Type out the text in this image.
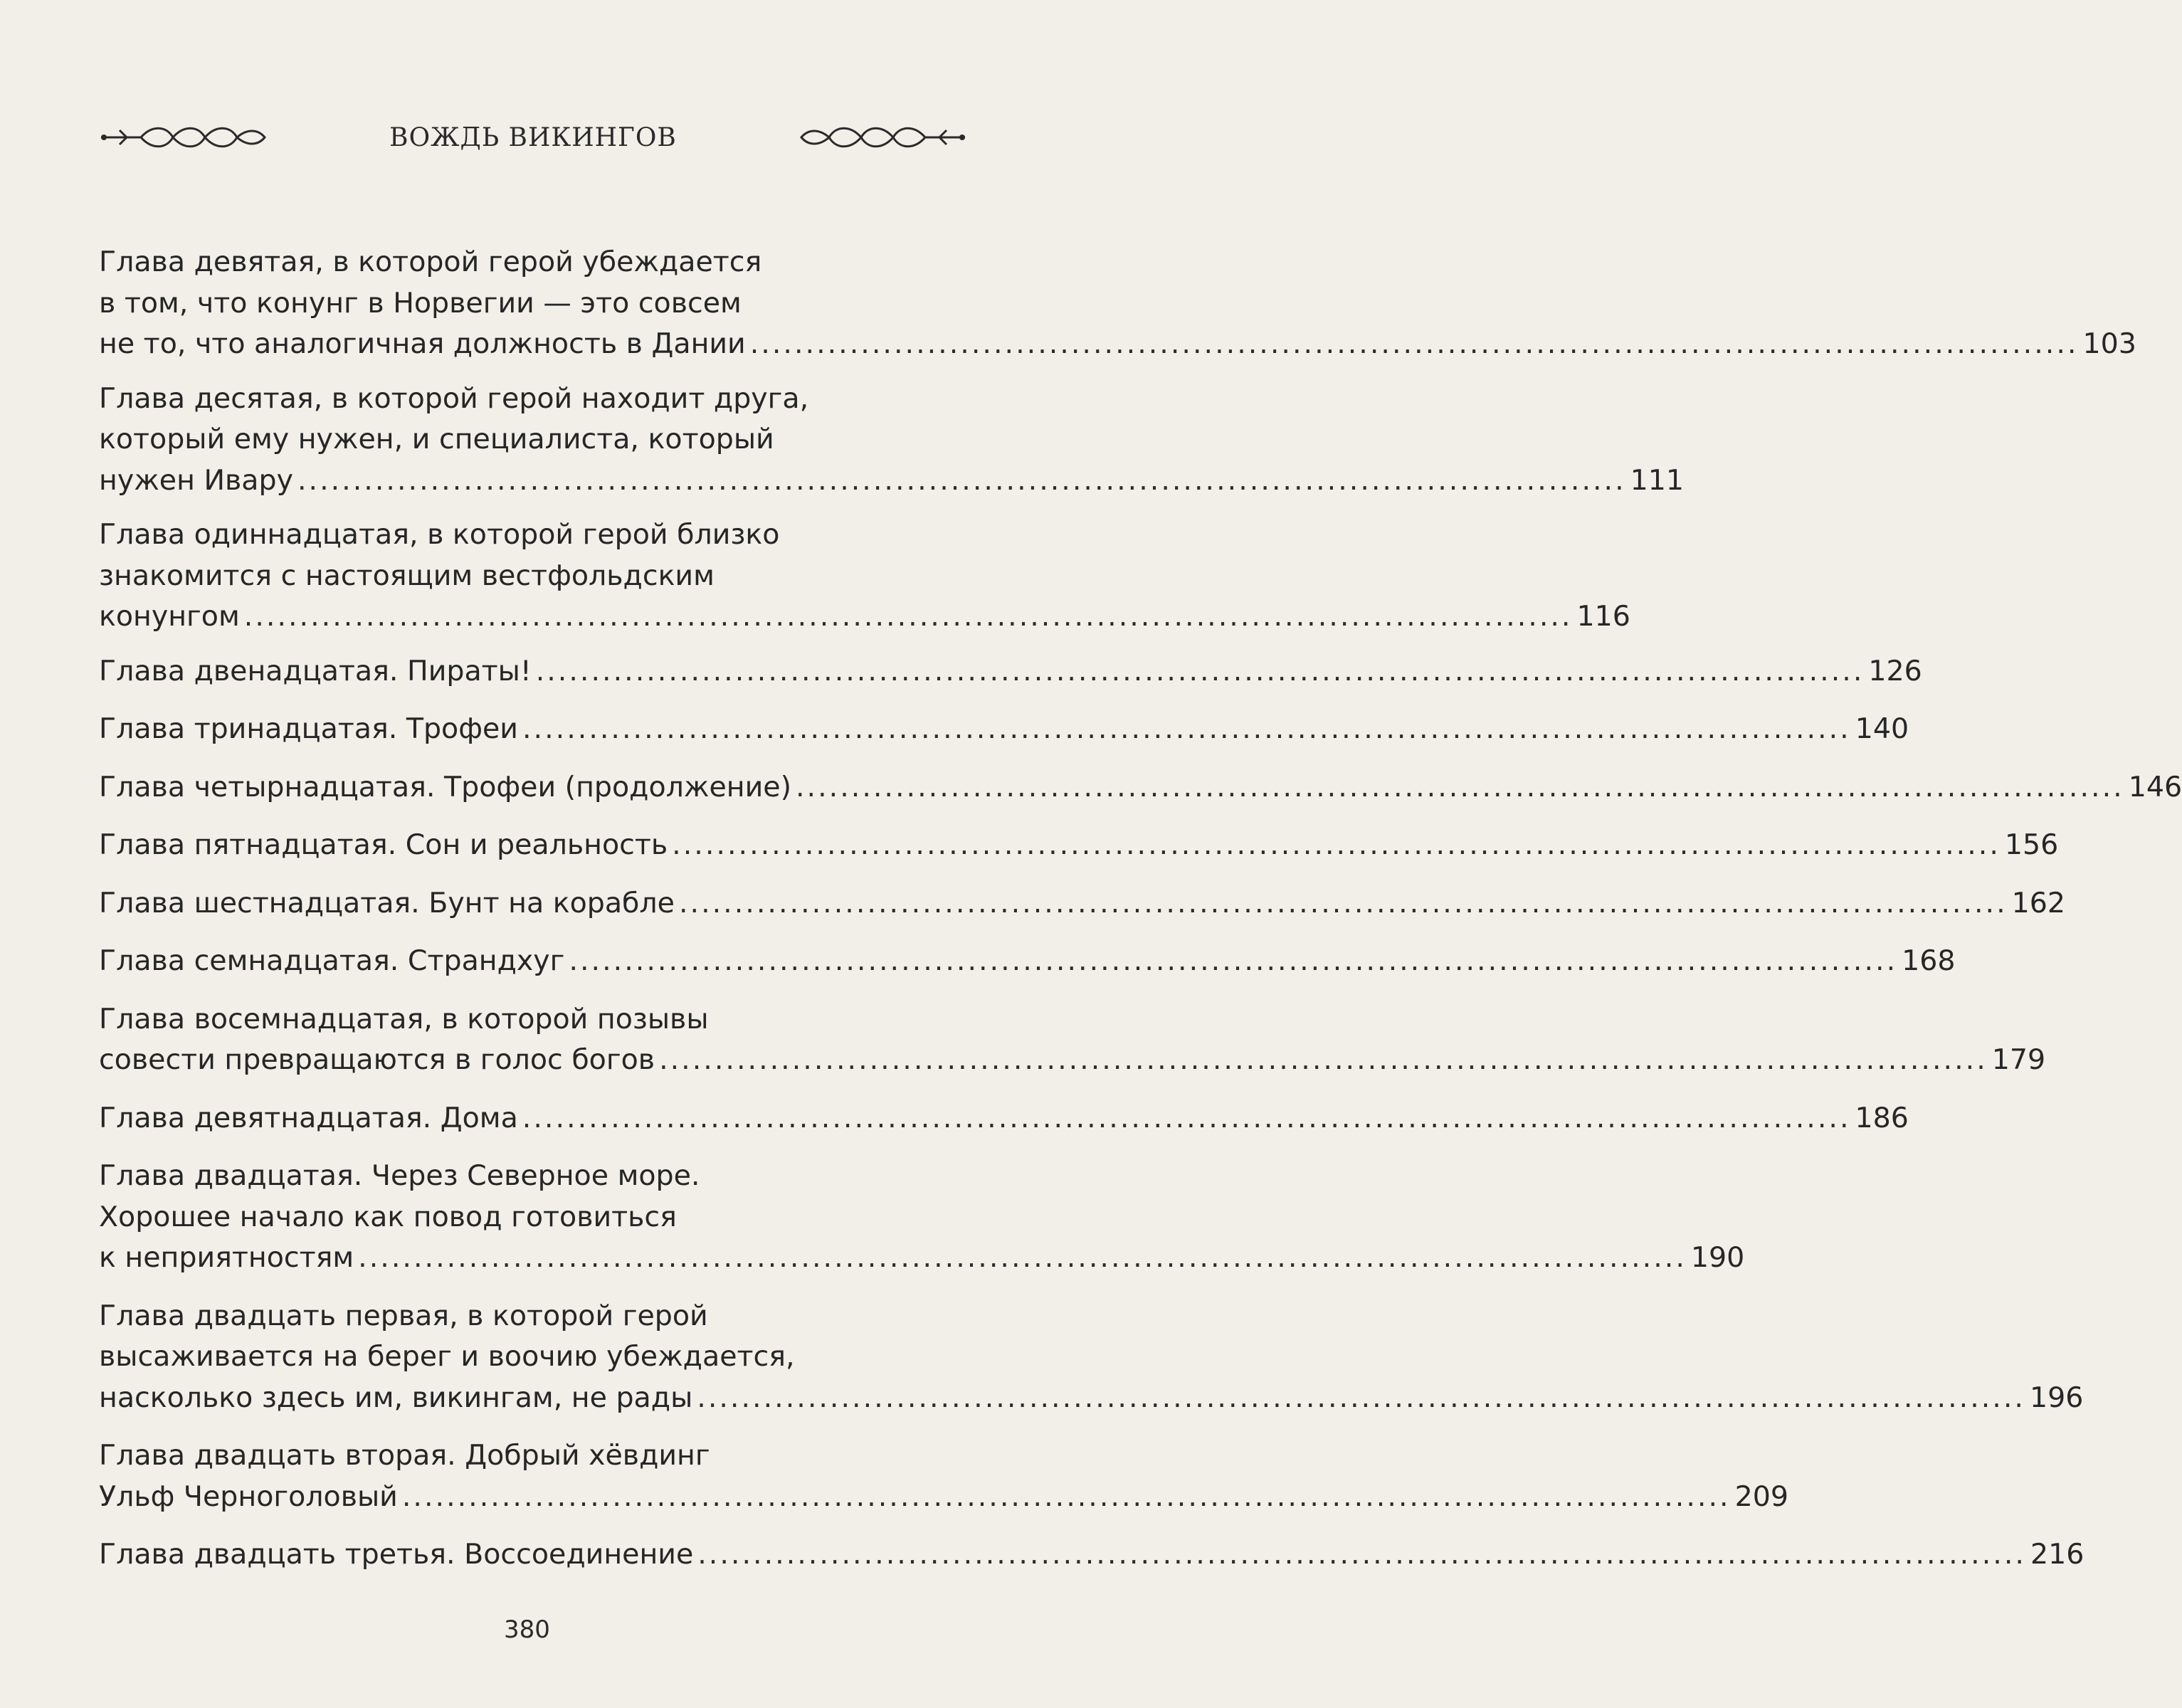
ВОЖДЬ ВИКИНГОВ
Глава девятая, в которой герой убеждается
в том, что конунг в Норвегии — это совсем
не то, что аналогичная должность в Дании ........................................................................................................................ 103
Глава десятая, в которой герой находит друга,
который ему нужен, и специалиста, который
нужен Ивару ........................................................................................................................ 111
Глава одиннадцатая, в которой герой близко
знакомится с настоящим вестфольдским
конунгом ........................................................................................................................ 116
Глава двенадцатая. Пираты! ........................................................................................................................ 126
Глава тринадцатая. Трофеи ........................................................................................................................ 140
Глава четырнадцатая. Трофеи (продолжение) ........................................................................................................................ 146
Глава пятнадцатая. Сон и реальность ........................................................................................................................ 156
Глава шестнадцатая. Бунт на корабле ........................................................................................................................ 162
Глава семнадцатая. Страндхуг ........................................................................................................................ 168
Глава восемнадцатая, в которой позывы
совести превращаются в голос богов ........................................................................................................................ 179
Глава девятнадцатая. Дома ........................................................................................................................ 186
Глава двадцатая. Через Северное море.
Хорошее начало как повод готовиться
к неприятностям ........................................................................................................................ 190
Глава двадцать первая, в которой герой
высаживается на берег и воочию убеждается,
насколько здесь им, викингам, не рады ........................................................................................................................ 196
Глава двадцать вторая. Добрый хёвдинг
Ульф Черноголовый ........................................................................................................................ 209
Глава двадцать третья. Воссоединение ........................................................................................................................ 216
380
